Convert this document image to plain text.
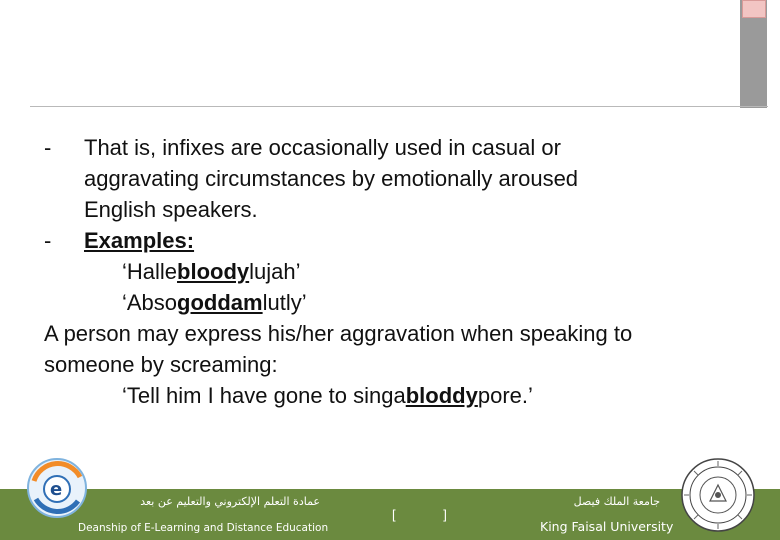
-	That is, infixes are occasionally used in casual or
aggravating circumstances by emotionally aroused
English speakers.
-	Examples:
‘Hallebloodylujah’
‘Absogoddamlutly’
A person may express his/her aggravation when speaking to
someone by screaming:
‘Tell him I have gone to singabloddypore.’
عمادة التعلم الإلكتروني والتعليم عن بعد
Deanship of E-Learning and Distance Education
[ ]
جامعة الملك فيصل
King Faisal University
e
